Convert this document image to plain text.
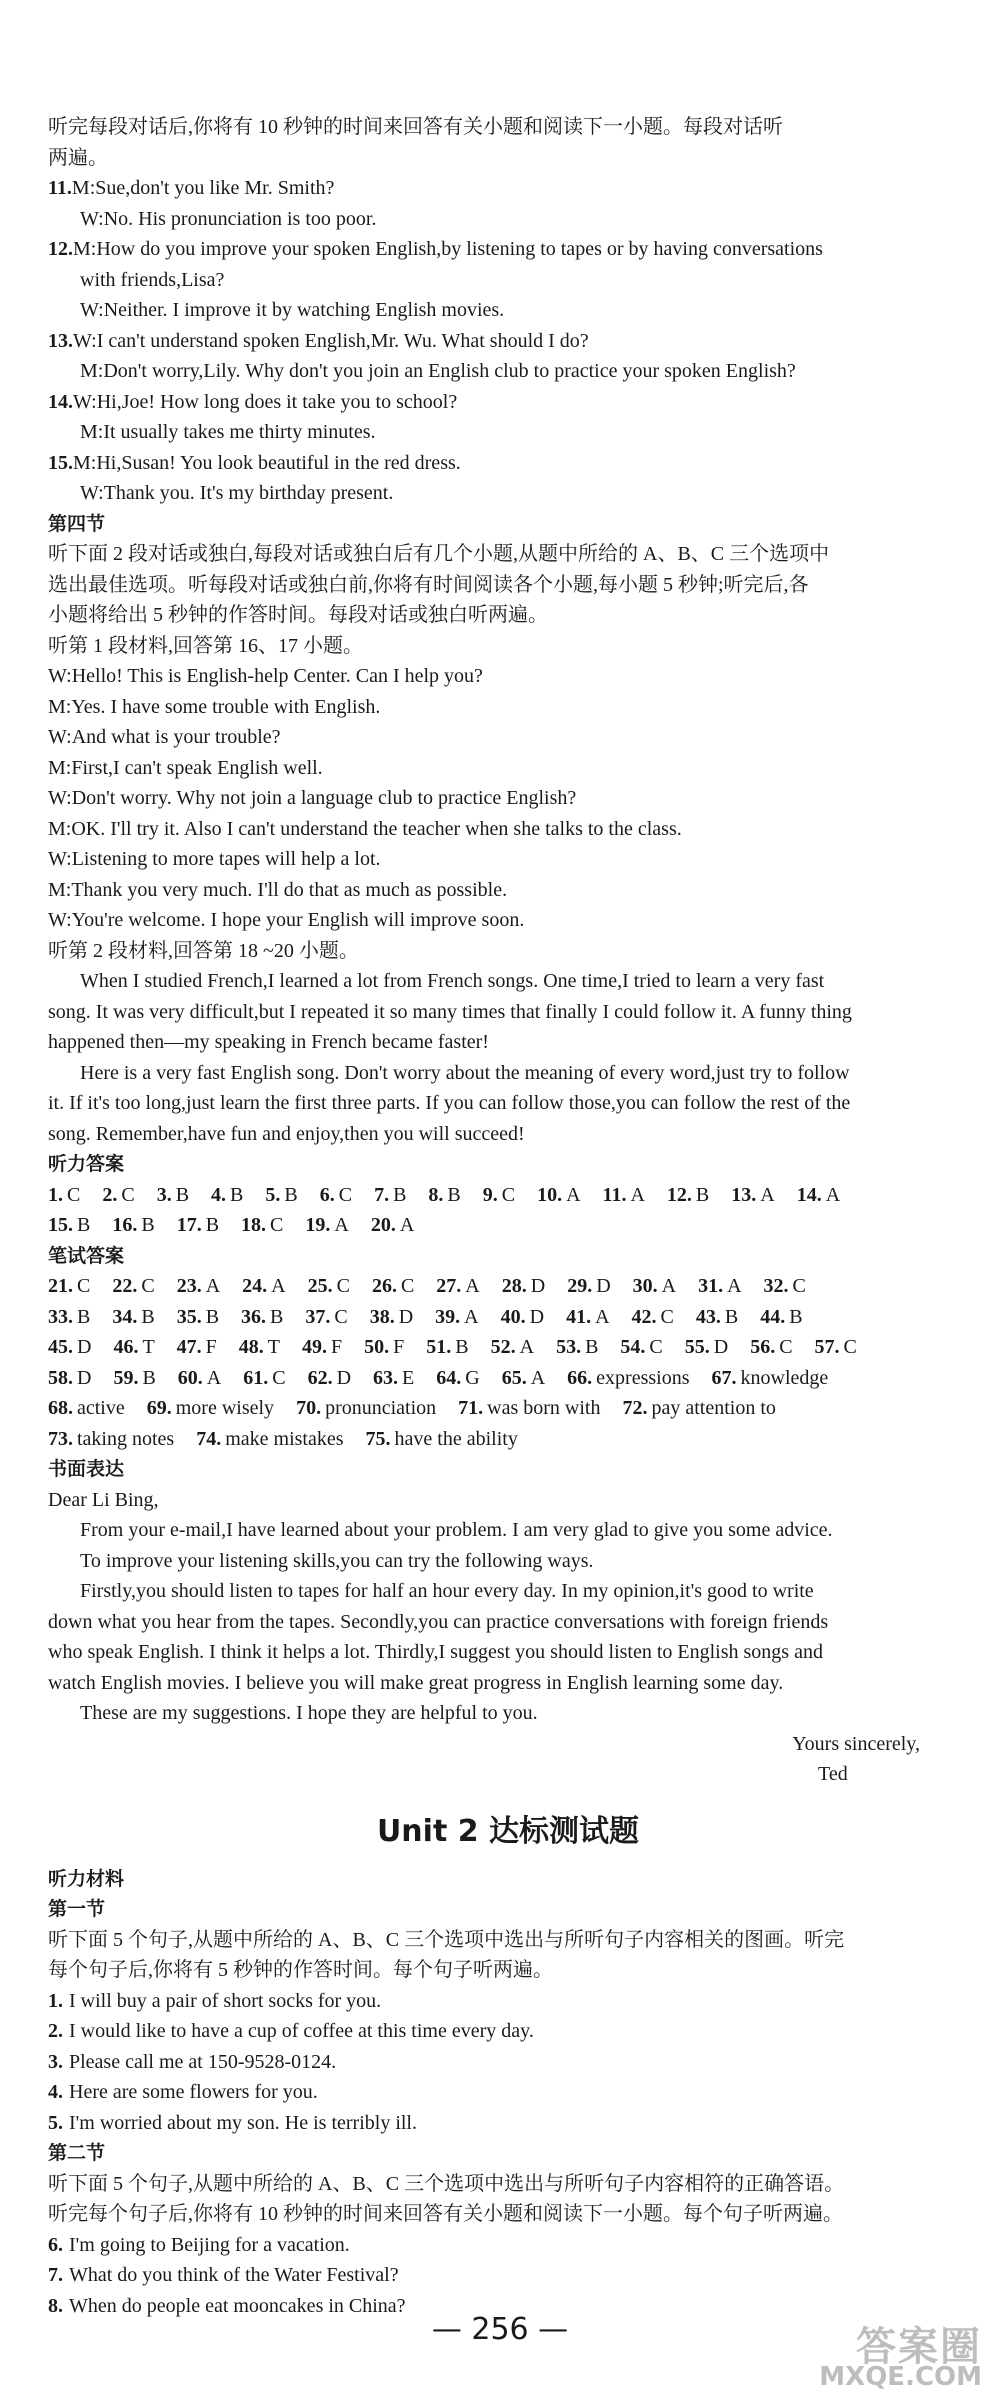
听完每段对话后,你将有 10 秒钟的时间来回答有关小题和阅读下一小题。每段对话听
两遍。
11.M:Sue,don't you like Mr. Smith?
W:No. His pronunciation is too poor.
12.M:How do you improve your spoken English,by listening to tapes or by having conversations
with friends,Lisa?
W:Neither. I improve it by watching English movies.
13.W:I can't understand spoken English,Mr. Wu. What should I do?
M:Don't worry,Lily. Why don't you join an English club to practice your spoken English?
14.W:Hi,Joe! How long does it take you to school?
M:It usually takes me thirty minutes.
15.M:Hi,Susan! You look beautiful in the red dress.
W:Thank you. It's my birthday present.
第四节
听下面 2 段对话或独白,每段对话或独白后有几个小题,从题中所给的 A、B、C 三个选项中
选出最佳选项。听每段对话或独白前,你将有时间阅读各个小题,每小题 5 秒钟;听完后,各
小题将给出 5 秒钟的作答时间。每段对话或独白听两遍。
听第 1 段材料,回答第 16、17 小题。
W:Hello! This is English-help Center. Can I help you?
M:Yes. I have some trouble with English.
W:And what is your trouble?
M:First,I can't speak English well.
W:Don't worry. Why not join a language club to practice English?
M:OK. I'll try it. Also I can't understand the teacher when she talks to the class.
W:Listening to more tapes will help a lot.
M:Thank you very much. I'll do that as much as possible.
W:You're welcome. I hope your English will improve soon.
听第 2 段材料,回答第 18 ~20 小题。
When I studied French,I learned a lot from French songs. One time,I tried to learn a very fast
song. It was very difficult,but I repeated it so many times that finally I could follow it. A funny thing
happened then—my speaking in French became faster!
Here is a very fast English song. Don't worry about the meaning of every word,just try to follow
it. If it's too long,just learn the first three parts. If you can follow those,you can follow the rest of the
song. Remember,have fun and enjoy,then you will succeed!
听力答案
1. C 2. C 3. B 4. B 5. B 6. C 7. B 8. B 9. C 10. A 11. A 12. B 13. A 14. A
15. B 16. B 17. B 18. C 19. A 20. A
笔试答案
21. C 22. C 23. A 24. A 25. C 26. C 27. A 28. D 29. D 30. A 31. A 32. C
33. B 34. B 35. B 36. B 37. C 38. D 39. A 40. D 41. A 42. C 43. B 44. B
45. D 46. T 47. F 48. T 49. F 50. F 51. B 52. A 53. B 54. C 55. D 56. C 57. C
58. D 59. B 60. A 61. C 62. D 63. E 64. G 65. A 66. expressions 67. knowledge
68. active 69. more wisely 70. pronunciation 71. was born with 72. pay attention to
73. taking notes 74. make mistakes 75. have the ability
书面表达
Dear Li Bing,
From your e-mail,I have learned about your problem. I am very glad to give you some advice.
To improve your listening skills,you can try the following ways.
Firstly,you should listen to tapes for half an hour every day. In my opinion,it's good to write
down what you hear from the tapes. Secondly,you can practice conversations with foreign friends
who speak English. I think it helps a lot. Thirdly,I suggest you should listen to English songs and
watch English movies. I believe you will make great progress in English learning some day.
These are my suggestions. I hope they are helpful to you.
Yours sincerely,
Ted
Unit 2 达标测试题
听力材料
第一节
听下面 5 个句子,从题中所给的 A、B、C 三个选项中选出与所听句子内容相关的图画。听完
每个句子后,你将有 5 秒钟的作答时间。每个句子听两遍。
1. I will buy a pair of short socks for you.
2. I would like to have a cup of coffee at this time every day.
3. Please call me at 150-9528-0124.
4. Here are some flowers for you.
5. I'm worried about my son. He is terribly ill.
第二节
听下面 5 个句子,从题中所给的 A、B、C 三个选项中选出与所听句子内容相符的正确答语。
听完每个句子后,你将有 10 秒钟的时间来回答有关小题和阅读下一小题。每个句子听两遍。
6. I'm going to Beijing for a vacation.
7. What do you think of the Water Festival?
8. When do people eat mooncakes in China?
— 256 —	答案圈
MXQE.COM
